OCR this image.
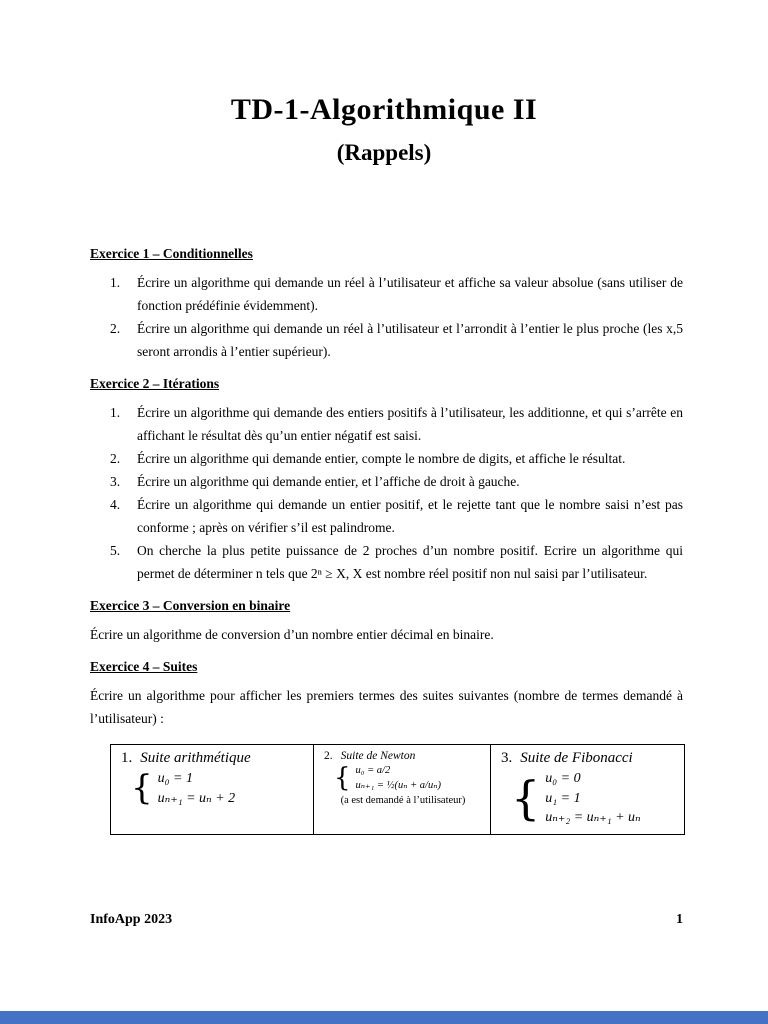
TD-1-Algorithmique II
(Rappels)
Exercice 1 – Conditionnelles
1.	Écrire un algorithme qui demande un réel à l’utilisateur et affiche sa valeur absolue (sans utiliser de fonction prédéfinie évidemment).
2.	Écrire un algorithme qui demande un réel à l’utilisateur et l’arrondit à l’entier le plus proche (les x,5 seront arrondis à l’entier supérieur).
Exercice 2 – Itérations
1.	Écrire un algorithme qui demande des entiers positifs à l’utilisateur, les additionne, et qui s’arrête en affichant le résultat dès qu’un entier négatif est saisi.
2.	Écrire un algorithme qui demande entier, compte le nombre de digits, et affiche le résultat.
3.	Écrire un algorithme qui demande entier, et l’affiche de droit à gauche.
4.	Écrire un algorithme qui demande un entier positif, et le rejette tant que le nombre saisi n’est pas conforme ; après on vérifier s’il est palindrome.
5.	On cherche la plus petite puissance de 2 proches d’un nombre positif. Ecrire un algorithme qui permet de déterminer n tels que 2ⁿ ≥ X, X est nombre réel positif non nul saisi par l’utilisateur.
Exercice 3 – Conversion en binaire
Écrire un algorithme de conversion d’un nombre entier décimal en binaire.
Exercice 4 – Suites
Écrire un algorithme pour afficher les premiers termes des suites suivantes (nombre de termes demandé à l’utilisateur) :
1. Suite arithmétique
{ u₀ = 1
uₙ₊₁ = uₙ + 2
2. Suite de Newton
{ u₀ = a/2
uₙ₊₁ = ½(uₙ + a/uₙ)
(a est demandé à l’utilisateur)
3. Suite de Fibonacci
{ u₀ = 0
u₁ = 1
uₙ₊₂ = uₙ₊₁ + uₙ
InfoApp 2023	1
